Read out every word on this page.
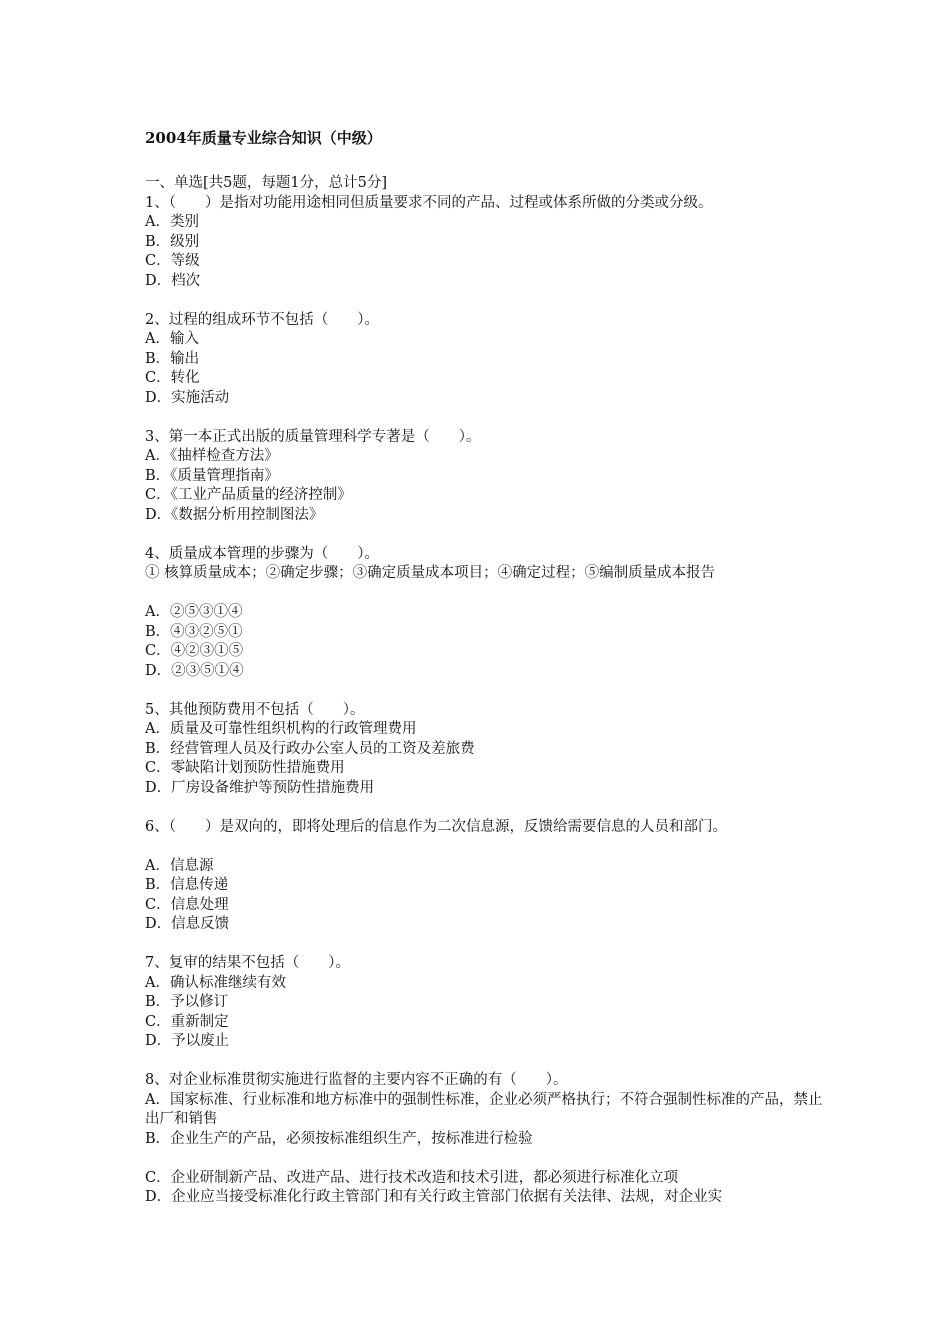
2004年质量专业综合知识（中级）

一、单选[共5题，每题1分，总计5分]

1、（　　）是指对功能用途相同但质量要求不同的产品、过程或体系所做的分类或分级。

A．类别

B．级别

C．等级

D．档次

2、过程的组成环节不包括（　　）。

A．输入

B．输出

C．转化

D．实施活动

3、第一本正式出版的质量管理科学专著是（　　）。

A．《抽样检查方法》

B．《质量管理指南》

C．《工业产品质量的经济控制》

D．《数据分析用控制图法》

4、质量成本管理的步骤为（　　）。

① 核算质量成本；②确定步骤；③确定质量成本项目；④确定过程；⑤编制质量成本报告

A．②⑤③①④

B．④③②⑤①

C．④②③①⑤

D．②③⑤①④

5、其他预防费用不包括（　　）。

A．质量及可靠性组织机构的行政管理费用

B．经营管理人员及行政办公室人员的工资及差旅费

C．零缺陷计划预防性措施费用

D．厂房设备维护等预防性措施费用

6、（　　）是双向的，即将处理后的信息作为二次信息源，反馈给需要信息的人员和部门。

A．信息源

B．信息传递

C．信息处理

D．信息反馈

7、复审的结果不包括（　　）。

A．确认标准继续有效

B．予以修订

C．重新制定

D．予以废止

8、对企业标准贯彻实施进行监督的主要内容不正确的有（　　）。

A．国家标准、行业标准和地方标准中的强制性标准，企业必须严格执行；不符合强制性标准的产品，禁止出厂和销售

B．企业生产的产品，必须按标准组织生产，按标准进行检验

C．企业研制新产品、改进产品、进行技术改造和技术引进，都必须进行标准化立项

D．企业应当接受标准化行政主管部门和有关行政主管部门依据有关法律、法规，对企业实
